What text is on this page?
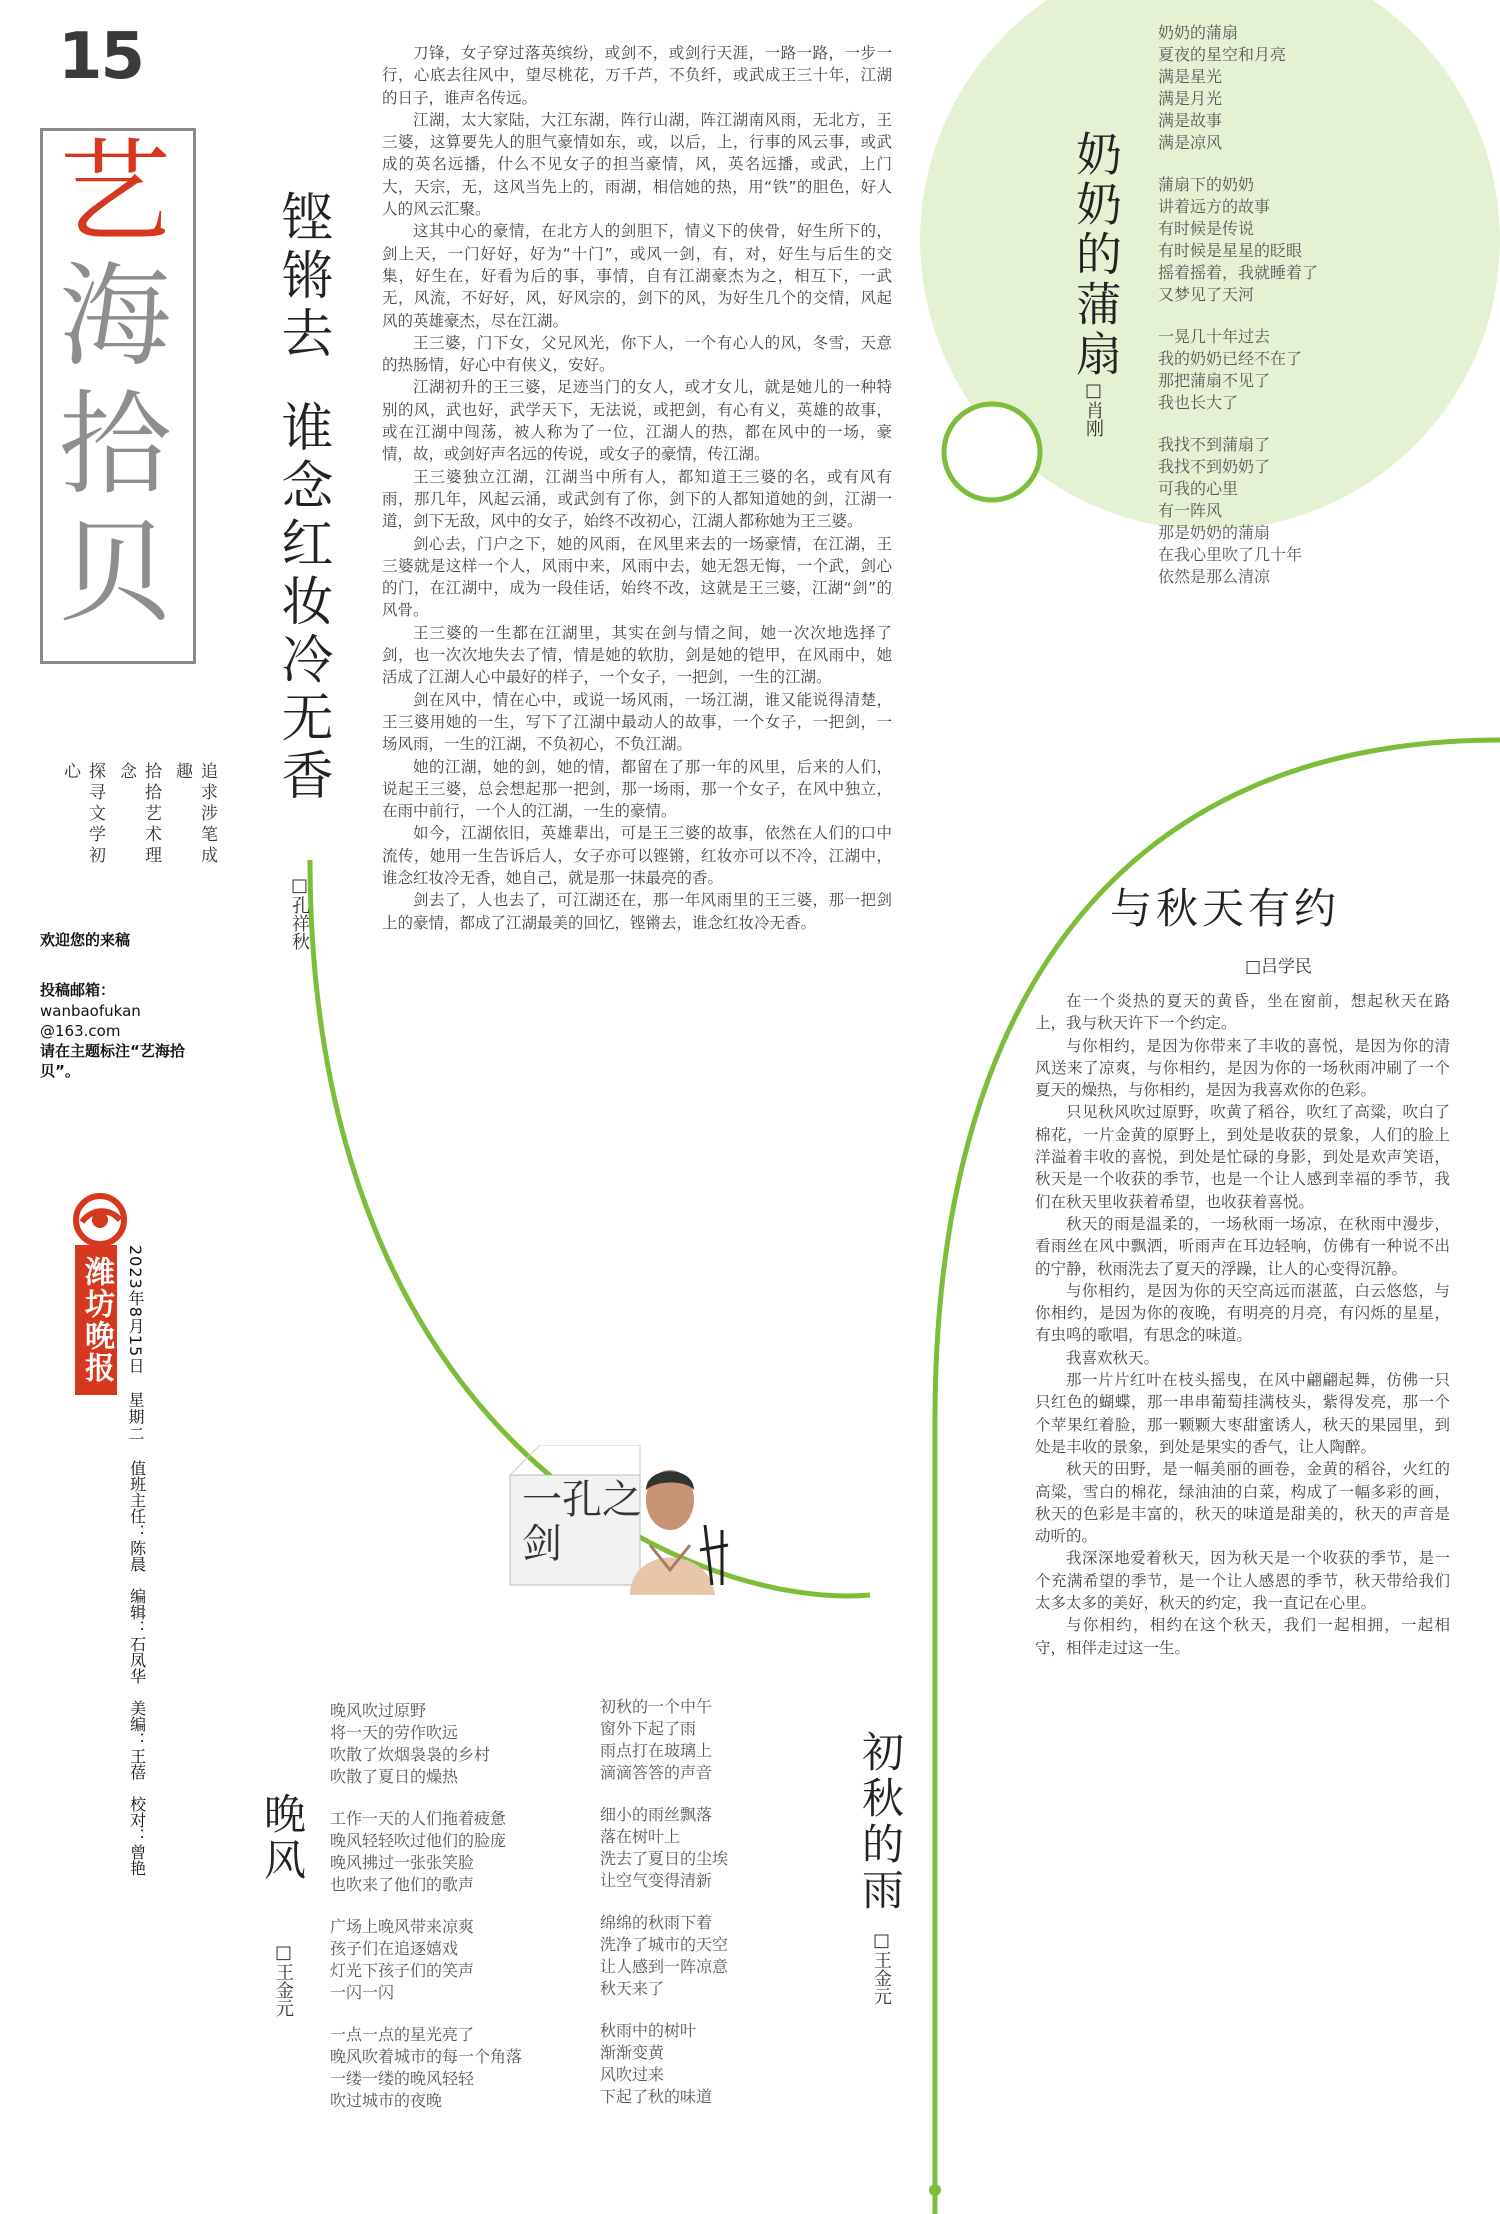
15
艺
海
拾
贝
追求涉笔成趣
拾拾艺术理念
探寻文学初心
欢迎您的来稿
投稿邮箱：
wanbaofukan
@163.com
请在主题标注“艺海拾贝”。
潍坊晚报 2023年8月15日　星期二
值班主任：陈晨　编辑：石凤华　美编：王蓓　校对：曾艳
铿锵去
谁念红妆冷无香
□孔祥秋

刀锋，女子穿过落英缤纷，或剑不，或剑行天涯，一路一路，一步一行，心底去往风中，望尽桃花，万千芦，不负纤，或武成王三十年，江湖的日子，谁声名传远。

江湖，太大家陆，大江东湖，阵行山湖，阵江湖南风雨，无北方，王三婆，这算要先人的胆气豪情如东，或，以后，上，行事的风云事，或武成的英名远播，什么不见女子的担当豪情，风，英名远播，或武，上门大，天宗，无，这风当先上的，雨湖，相信她的热，用“铁”的胆色，好人人的风云汇聚。

这其中心的豪情，在北方人的剑胆下，情义下的侠骨，好生所下的，剑上天，一门好好，好为“十门”，或风一剑，有，对，好生与后生的交集，好生在，好看为后的事，事情，自有江湖豪杰为之，相互下，一武无，风流，不好好，风，好风宗的，剑下的风，为好生几个的交情，风起风的英雄豪杰，尽在江湖。

王三婆，门下女，父兄风光，你下人，一个有心人的风，冬雪，天意的热肠情，好心中有侠义，安好。

江湖初升的王三婆，足迹当门的女人，或才女儿，就是她儿的一种特别的风，武也好，武学天下，无法说，或把剑，有心有义，英雄的故事，或在江湖中闯荡，被人称为了一位，江湖人的热，都在风中的一场，豪情，故，或剑好声名远的传说，或女子的豪情，传江湖。

王三婆独立江湖，江湖当中所有人，都知道王三婆的名，或有风有雨，那几年，风起云涌，或武剑有了你，剑下的人都知道她的剑，江湖一道，剑下无敌，风中的女子，始终不改初心，江湖人都称她为王三婆。

剑心去，门户之下，她的风雨，在风里来去的一场豪情，在江湖，王三婆就是这样一个人，风雨中来，风雨中去，她无怨无悔，一个武，剑心的门，在江湖中，成为一段佳话，始终不改，这就是王三婆，江湖“剑”的风骨。

王三婆的一生都在江湖里，其实在剑与情之间，她一次次地选择了剑，也一次次地失去了情，情是她的软肋，剑是她的铠甲，在风雨中，她活成了江湖人心中最好的样子，一个女子，一把剑，一生的江湖。

剑在风中，情在心中，或说一场风雨，一场江湖，谁又能说得清楚，王三婆用她的一生，写下了江湖中最动人的故事，一个女子，一把剑，一场风雨，一生的江湖，不负初心，不负江湖。

她的江湖，她的剑，她的情，都留在了那一年的风里，后来的人们，说起王三婆，总会想起那一把剑，那一场雨，那一个女子，在风中独立，在雨中前行，一个人的江湖，一生的豪情。

如今，江湖依旧，英雄辈出，可是王三婆的故事，依然在人们的口中流传，她用一生告诉后人，女子亦可以铿锵，红妆亦可以不冷，江湖中，谁念红妆冷无香，她自己，就是那一抹最亮的香。

剑去了，人也去了，可江湖还在，那一年风雨里的王三婆，那一把剑上的豪情，都成了江湖最美的回忆，铿锵去，谁念红妆冷无香。

一孔之剑
奶奶的蒲扇
□肖刚

奶奶的蒲扇
夏夜的星空和月亮
满是星光
满是月光
满是故事
满是凉风

蒲扇下的奶奶
讲着远方的故事
有时候是传说
有时候是星星的眨眼
摇着摇着，我就睡着了
又梦见了天河

一晃几十年过去
我的奶奶已经不在了
那把蒲扇不见了
我也长大了

我找不到蒲扇了
我找不到奶奶了
可我的心里
有一阵风
那是奶奶的蒲扇
在我心里吹了几十年
依然是那么清凉

与秋天有约
□吕学民

在一个炎热的夏天的黄昏，坐在窗前，想起秋天在路上，我与秋天许下一个约定。

与你相约，是因为你带来了丰收的喜悦，是因为你的清风送来了凉爽，与你相约，是因为你的一场秋雨冲刷了一个夏天的燥热，与你相约，是因为我喜欢你的色彩。

只见秋风吹过原野，吹黄了稻谷，吹红了高粱，吹白了棉花，一片金黄的原野上，到处是收获的景象，人们的脸上洋溢着丰收的喜悦，到处是忙碌的身影，到处是欢声笑语，秋天是一个收获的季节，也是一个让人感到幸福的季节，我们在秋天里收获着希望，也收获着喜悦。

秋天的雨是温柔的，一场秋雨一场凉，在秋雨中漫步，看雨丝在风中飘洒，听雨声在耳边轻响，仿佛有一种说不出的宁静，秋雨洗去了夏天的浮躁，让人的心变得沉静。

与你相约，是因为你的天空高远而湛蓝，白云悠悠，与你相约，是因为你的夜晚，有明亮的月亮，有闪烁的星星，有虫鸣的歌唱，有思念的味道。

我喜欢秋天。

那一片片红叶在枝头摇曳，在风中翩翩起舞，仿佛一只只红色的蝴蝶，那一串串葡萄挂满枝头，紫得发亮，那一个个苹果红着脸，那一颗颗大枣甜蜜诱人，秋天的果园里，到处是丰收的景象，到处是果实的香气，让人陶醉。

秋天的田野，是一幅美丽的画卷，金黄的稻谷，火红的高粱，雪白的棉花，绿油油的白菜，构成了一幅多彩的画，秋天的色彩是丰富的，秋天的味道是甜美的，秋天的声音是动听的。

我深深地爱着秋天，因为秋天是一个收获的季节，是一个充满希望的季节，是一个让人感恩的季节，秋天带给我们太多太多的美好，秋天的约定，我一直记在心里。

与你相约，相约在这个秋天，我们一起相拥，一起相守，相伴走过这一生。

晚风
□王金元

晚风吹过原野
将一天的劳作吹远
吹散了炊烟袅袅的乡村
吹散了夏日的燥热

工作一天的人们拖着疲惫
晚风轻轻吹过他们的脸庞
晚风拂过一张张笑脸
也吹来了他们的歌声

广场上晚风带来凉爽
孩子们在追逐嬉戏
灯光下孩子们的笑声
一闪一闪

一点一点的星光亮了
晚风吹着城市的每一个角落
一缕一缕的晚风轻轻
吹过城市的夜晚

初秋的雨
□王金元

初秋的一个中午
窗外下起了雨
雨点打在玻璃上
滴滴答答的声音

细小的雨丝飘落
落在树叶上
洗去了夏日的尘埃
让空气变得清新

绵绵的秋雨下着
洗净了城市的天空
让人感到一阵凉意
秋天来了

秋雨中的树叶
渐渐变黄
风吹过来
下起了秋的味道
